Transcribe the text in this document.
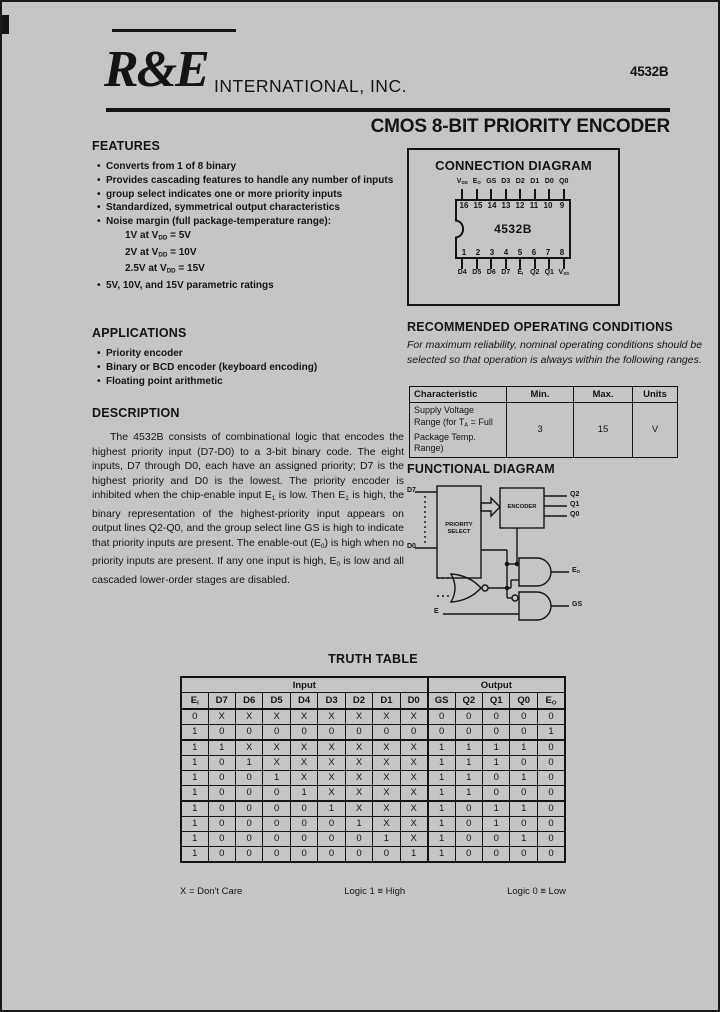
R&E INTERNATIONAL, INC.
4532B
CMOS 8-BIT PRIORITY ENCODER
FEATURES
• Converts from 1 of 8 binary
• Provides cascading features to handle any number of inputs
• group select indicates one or more priority inputs
• Standardized, symmetrical output characteristics
• Noise margin (full package-temperature range):
1V at $V_{DD} = 5V$
2V at $V_{DD} = 10V$
2.5V at $V_{DD} = 15V$
• 5V, 10V, and 15V parametric ratings
APPLICATIONS
• Priority encoder
• Binary or BCD encoder (keyboard encoding)
• Floating point arithmetic
DESCRIPTION
The 4532B consists of combinational logic that encodes the highest priority input (D7-D0) to a 3-bit binary code. The eight inputs, D7 through D0, each have an assigned priority; D7 is the highest priority and D0 is the lowest. The priority encoder is inhibited when the chip-enable input $E_1$ is low. Then $E_1$ is high, the binary representation of the highest-priority input appears on output lines Q2-Q0, and the group select line GS is high to indicate that priority inputs are present. The enable-out $(E_0)$ is high when no priority inputs are present. If any one input is high, $E_0$ is low and all cascaded lower-order stages are disabled.
CONNECTION DIAGRAM
$V_{DD}$ $E_O$ GS D3 D2 D1 D0 Q0
16 15 14 13 12 11 10 9
4532B
1	2	3	4	5	6	7	8
D4 D5 D6 D7	$E_I$ Q2 Q1 $V_{SS}$
RECOMMENDED OPERATING CONDITIONS
For maximum reliability, nominal operating conditions should be selected so that operation is always within the following ranges.
Characteristic	Min.	Max.	Units
Supply Voltage Range (for $T_A$ = Full Package Temp. Range)	3	15	V
FUNCTIONAL DIAGRAM
D7
D0
E
PRIORITY SELECT
ENCODER
Q2
Q1
Q0
$E_O$
GS
TRUTH TABLE
Input									Output				
$E_I$	D7	D6	D5	D4	D3	D2	D1	D0	GS	Q2	Q1	Q0	$E_O$
0	X	X	X	X	X	X	X	X	0	0	0	0	0
1	0	0	0	0	0	0	0	0	0	0	0	0	1
1	1	X	X	X	X	X	X	X	1	1	1	1	0
1	0	1	X	X	X	X	X	X	1	1	1	0	0
1	0	0	1	X	X	X	X	X	1	1	0	1	0
1	0	0	0	1	X	X	X	X	1	1	0	0	0
1	0	0	0	0	1	X	X	X	1	0	1	1	0
1	0	0	0	0	0	1	X	X	1	0	1	0	0
1	0	0	0	0	0	0	1	X	1	0	0	1	0
1	0	0	0	0	0	0	0	1	1	0	0	0	0
X = Don't Care	Logic 1 ≡ High	Logic 0 ≡ Low
